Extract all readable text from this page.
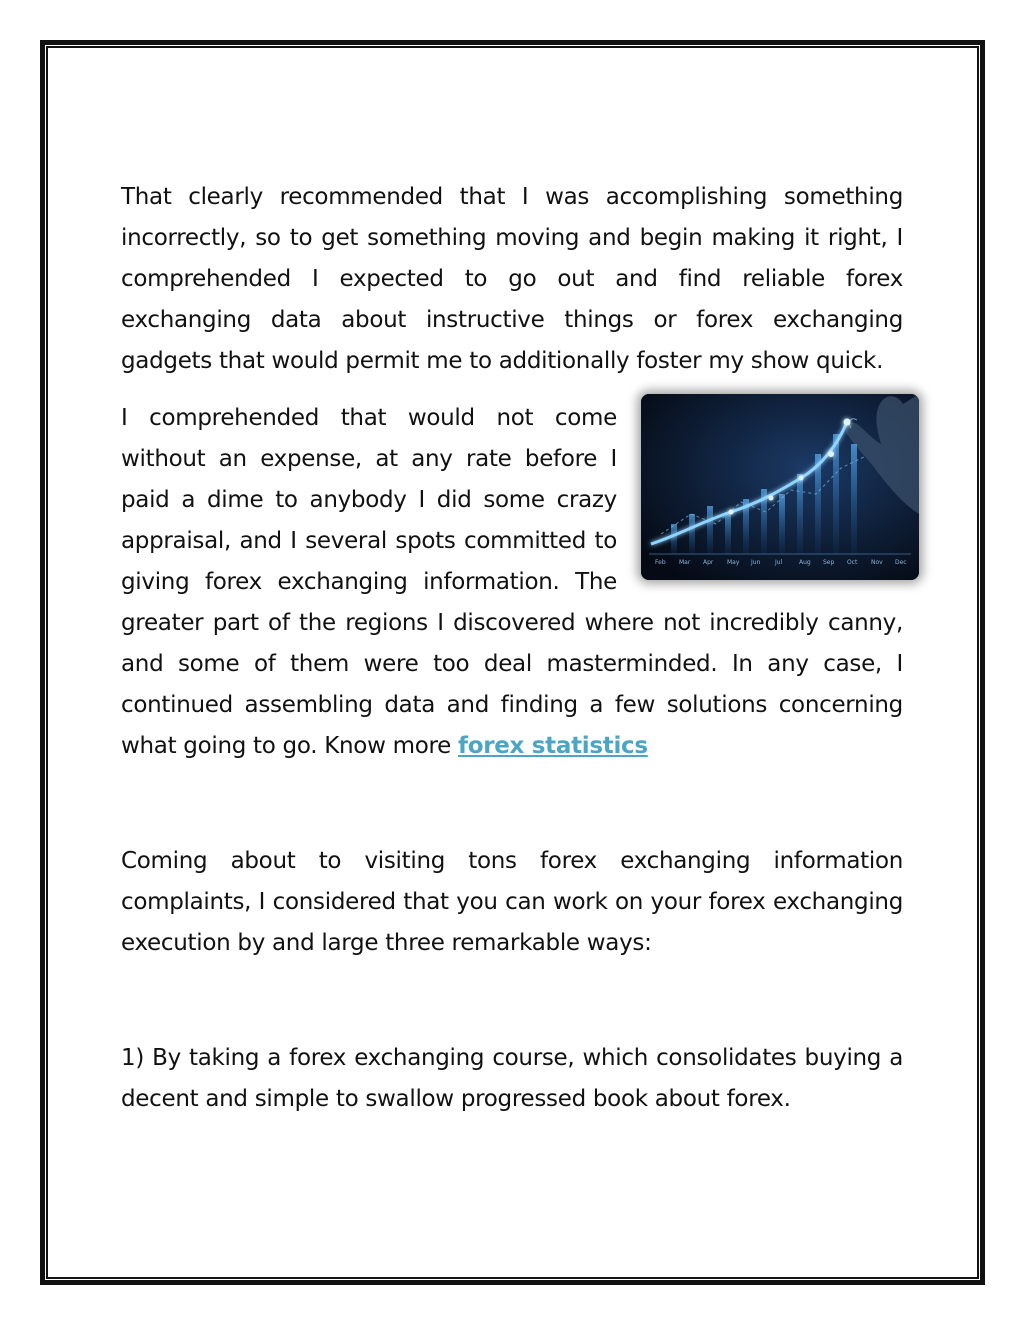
That clearly recommended that I was accomplishing something incorrectly, so to get something moving and begin making it right, I comprehended I expected to go out and find reliable forex exchanging data about instructive things or forex exchanging gadgets that would permit me to additionally foster my show quick.

Feb Mar Apr May Jun Jul	Aug Sep Oct Nov Dec

I comprehended that would not come without an expense, at any rate before I paid a dime to anybody I did some crazy appraisal, and I several spots committed to giving forex exchanging information. The greater part of the regions I discovered where not incredibly canny, and some of them were too deal masterminded. In any case, I continued assembling data and finding a few solutions concerning what going to go. Know more forex statistics

Coming about to visiting tons forex exchanging information complaints, I considered that you can work on your forex exchanging execution by and large three remarkable ways:

1) By taking a forex exchanging course, which consolidates buying a decent and simple to swallow progressed book about forex.
